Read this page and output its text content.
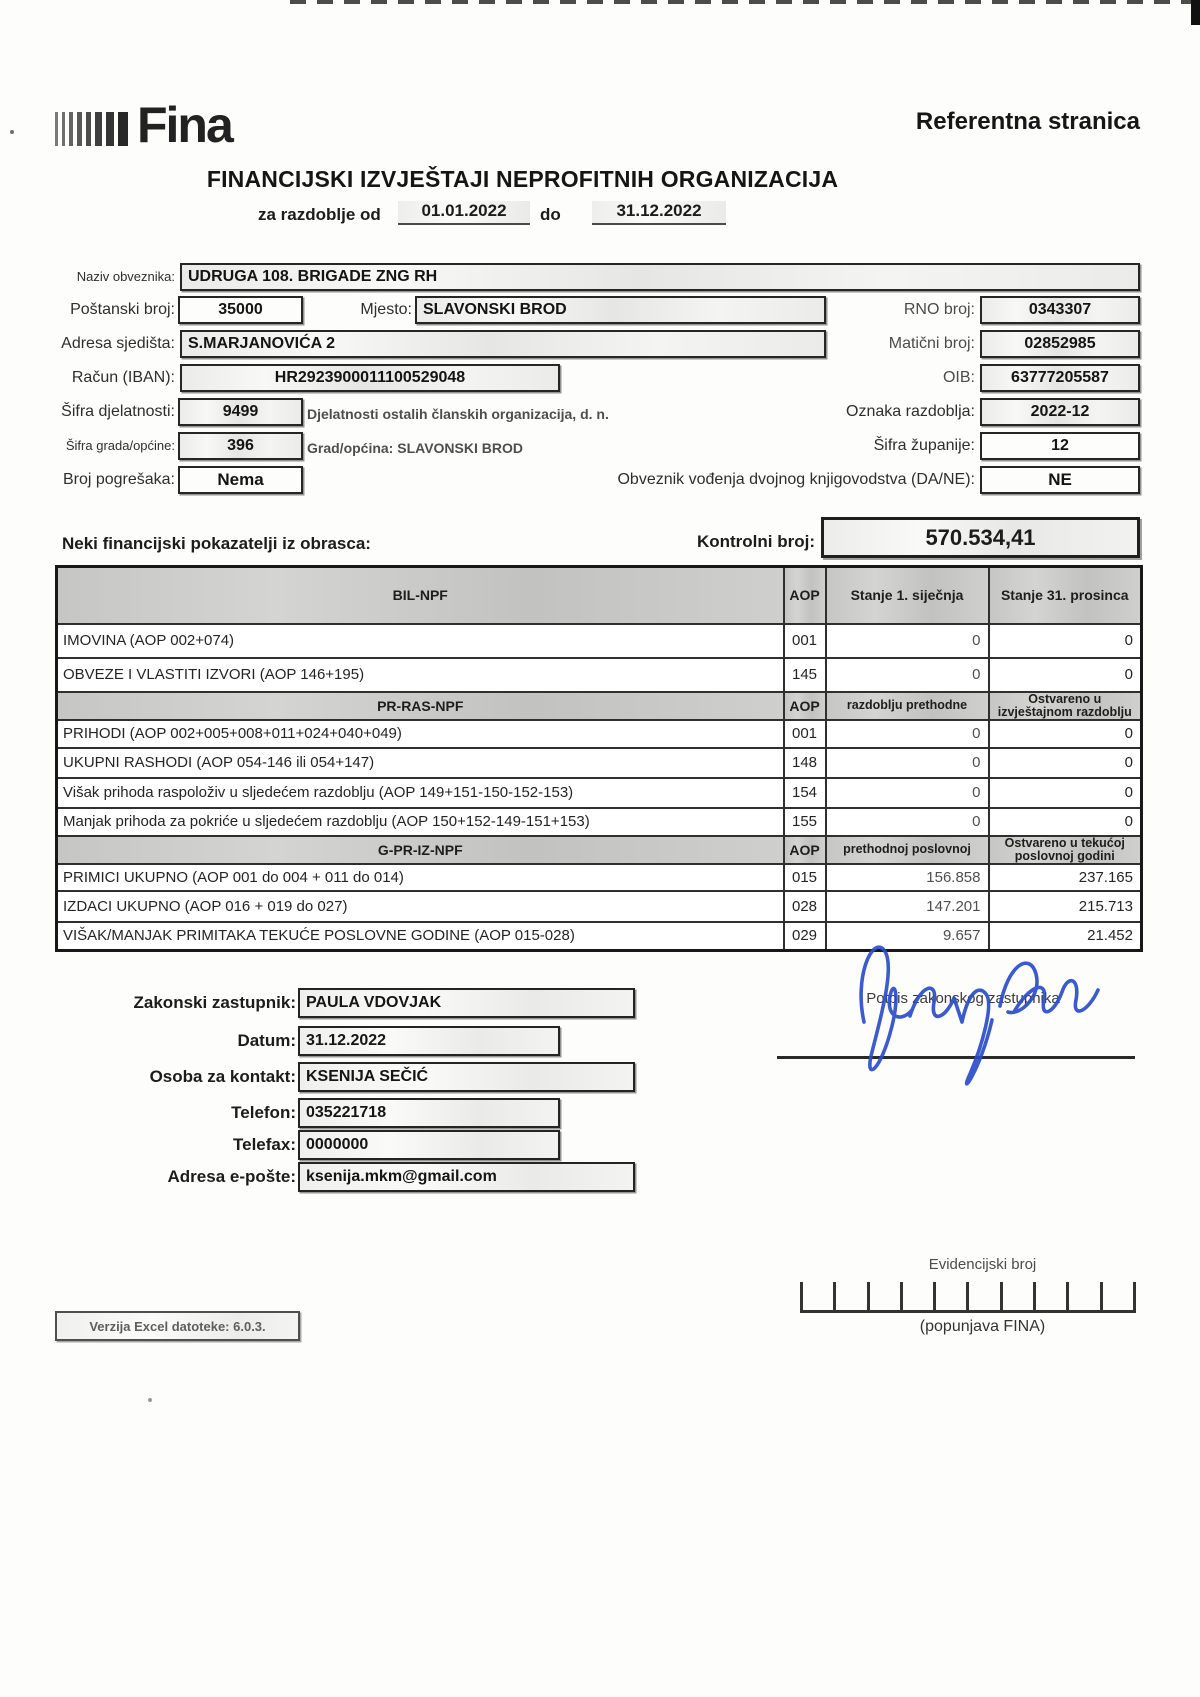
Fina	Referentna stranica
FINANCIJSKI IZVJEŠTAJI NEPROFITNIH ORGANIZACIJA
za razdoblje od	01.01.2022	do	31.12.2022
Naziv obveznika: UDRUGA 108. BRIGADE ZNG RH
Poštanski broj:	35000	Mjesto: SLAVONSKI BROD	RNO broj:	0343307
Adresa sjedišta: S.MARJANOVIĆA 2	Matični broj:	02852985
Račun (IBAN):	HR2923900011100529048	OIB:	63777205587
Šifra djelatnosti:	9499	Djelatnosti ostalih članskih organizacija, d. n.	Oznaka razdoblja:	2022-12
Šifra grada/općine:	396	Grad/općina: SLAVONSKI BROD	Šifra županije:	12
Broj pogrešaka:	Nema	Obveznik vođenja dvojnog knjigovodstva (DA/NE):	NE
Neki financijski pokazatelji iz obrasca:	Kontrolni broj:	570.534,41
BIL-NPF	AOP	Stanje 1. siječnja	Stanje 31. prosinca
IMOVINA (AOP 002+074)	001	0	0
OBVEZE I VLASTITI IZVORI (AOP 146+195)	145	0	0
PR-RAS-NPF	AOP	razdoblju prethodne	Ostvareno u izvještajnom razdoblju
PRIHODI (AOP 002+005+008+011+024+040+049)	001	0	0
UKUPNI RASHODI (AOP 054-146 ili 054+147)	148	0	0
Višak prihoda raspoloživ u sljedećem razdoblju (AOP 149+151-150-152-153)	154	0	0
Manjak prihoda za pokriće u sljedećem razdoblju (AOP 150+152-149-151+153)	155	0	0
G-PR-IZ-NPF	AOP	prethodnoj poslovnoj	Ostvareno u tekućoj poslovnoj godini
PRIMICI UKUPNO (AOP 001 do 004 + 011 do 014)	015	156.858	237.165
IZDACI UKUPNO (AOP 016 + 019 do 027)	028	147.201	215.713
VIŠAK/MANJAK PRIMITAKA TEKUĆE POSLOVNE GODINE (AOP 015-028)	029	9.657	21.452
Zakonski zastupnik: PAULA VDOVJAK
Datum: 31.12.2022
Osoba za kontakt: KSENIJA SEČIĆ
Telefon: 035221718
Telefax: 0000000
Adresa e-pošte: ksenija.mkm@gmail.com
Potpis zakonskog zastupnika
Evidencijski broj
(popunjava FINA)
Verzija Excel datoteke: 6.0.3.
